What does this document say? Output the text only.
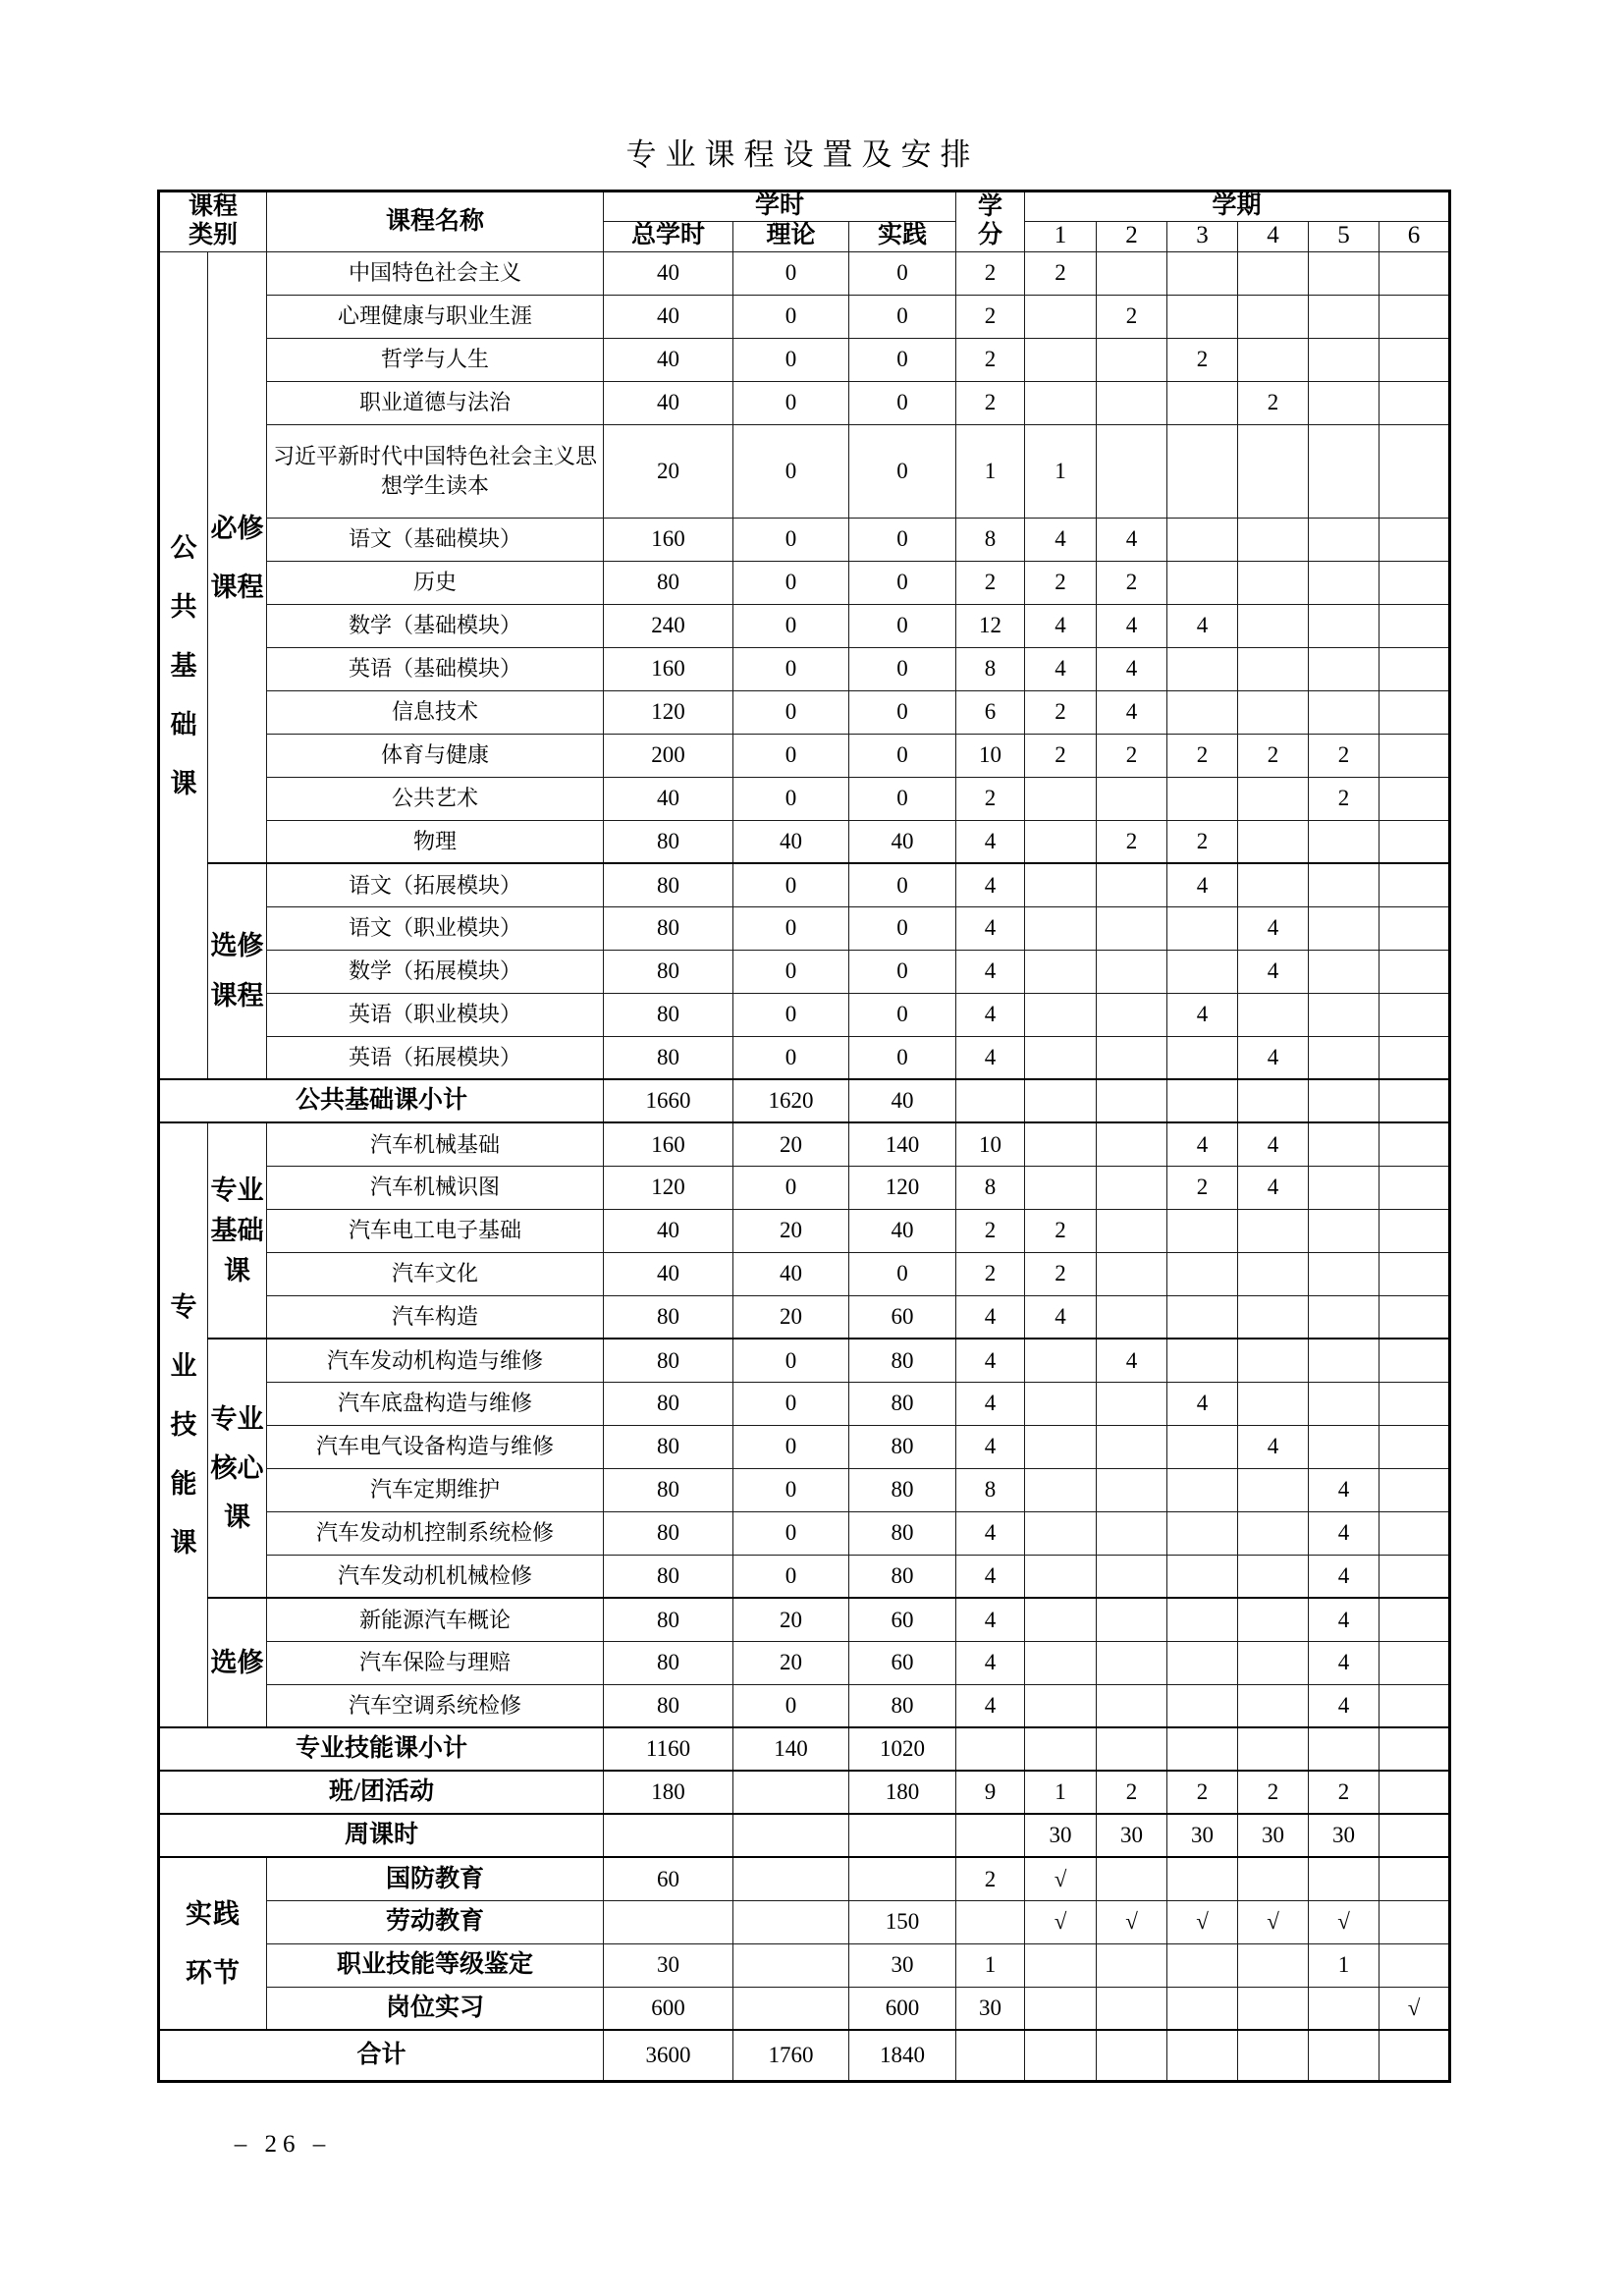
专业课程设置及安排
课程类别		课程名称	学时			学分	学期					
			总学时	理论	实践		1	2	3	4	5	6
公共基础课	必修课程	中国特色社会主义	40	0	0	2	2					
		心理健康与职业生涯	40	0	0	2		2				
		哲学与人生	40	0	0	2			2			
		职业道德与法治	40	0	0	2				2		
		习近平新时代中国特色社会主义思想学生读本	20	0	0	1	1					
		语文（基础模块）	160	0	0	8	4	4				
		历史	80	0	0	2	2	2				
		数学（基础模块）	240	0	0	12	4	4	4			
		英语（基础模块）	160	0	0	8	4	4				
		信息技术	120	0	0	6	2	4				
		体育与健康	200	0	0	10	2	2	2	2	2	
		公共艺术	40	0	0	2					2	
		物理	80	40	40	4		2	2			
	选修课程	语文（拓展模块）	80	0	0	4			4			
		语文（职业模块）	80	0	0	4				4		
		数学（拓展模块）	80	0	0	4				4		
		英语（职业模块）	80	0	0	4			4			
		英语（拓展模块）	80	0	0	4				4		
公共基础课小计			1660	1620	40							
专业技能课	专业基础课	汽车机械基础	160	20	140	10			4	4		
		汽车机械识图	120	0	120	8			2	4		
		汽车电工电子基础	40	20	40	2	2					
		汽车文化	40	40	0	2	2					
		汽车构造	80	20	60	4	4					
	专业核心课	汽车发动机构造与维修	80	0	80	4		4				
		汽车底盘构造与维修	80	0	80	4			4			
		汽车电气设备构造与维修	80	0	80	4				4		
		汽车定期维护	80	0	80	8					4	
		汽车发动机控制系统检修	80	0	80	4					4	
		汽车发动机机械检修	80	0	80	4					4	
	选修	新能源汽车概论	80	20	60	4					4	
		汽车保险与理赔	80	20	60	4					4	
		汽车空调系统检修	80	0	80	4					4	
专业技能课小计			1160	140	1020							
班/团活动			180		180	9	1	2	2	2	2	
周课时							30	30	30	30	30	
实践环节		国防教育	60			2	√					
		劳动教育			150		√	√	√	√	√	
		职业技能等级鉴定	30		30	1					1	
		岗位实习	600		600	30						√
合计			3600	1760	1840							
– 26 –
